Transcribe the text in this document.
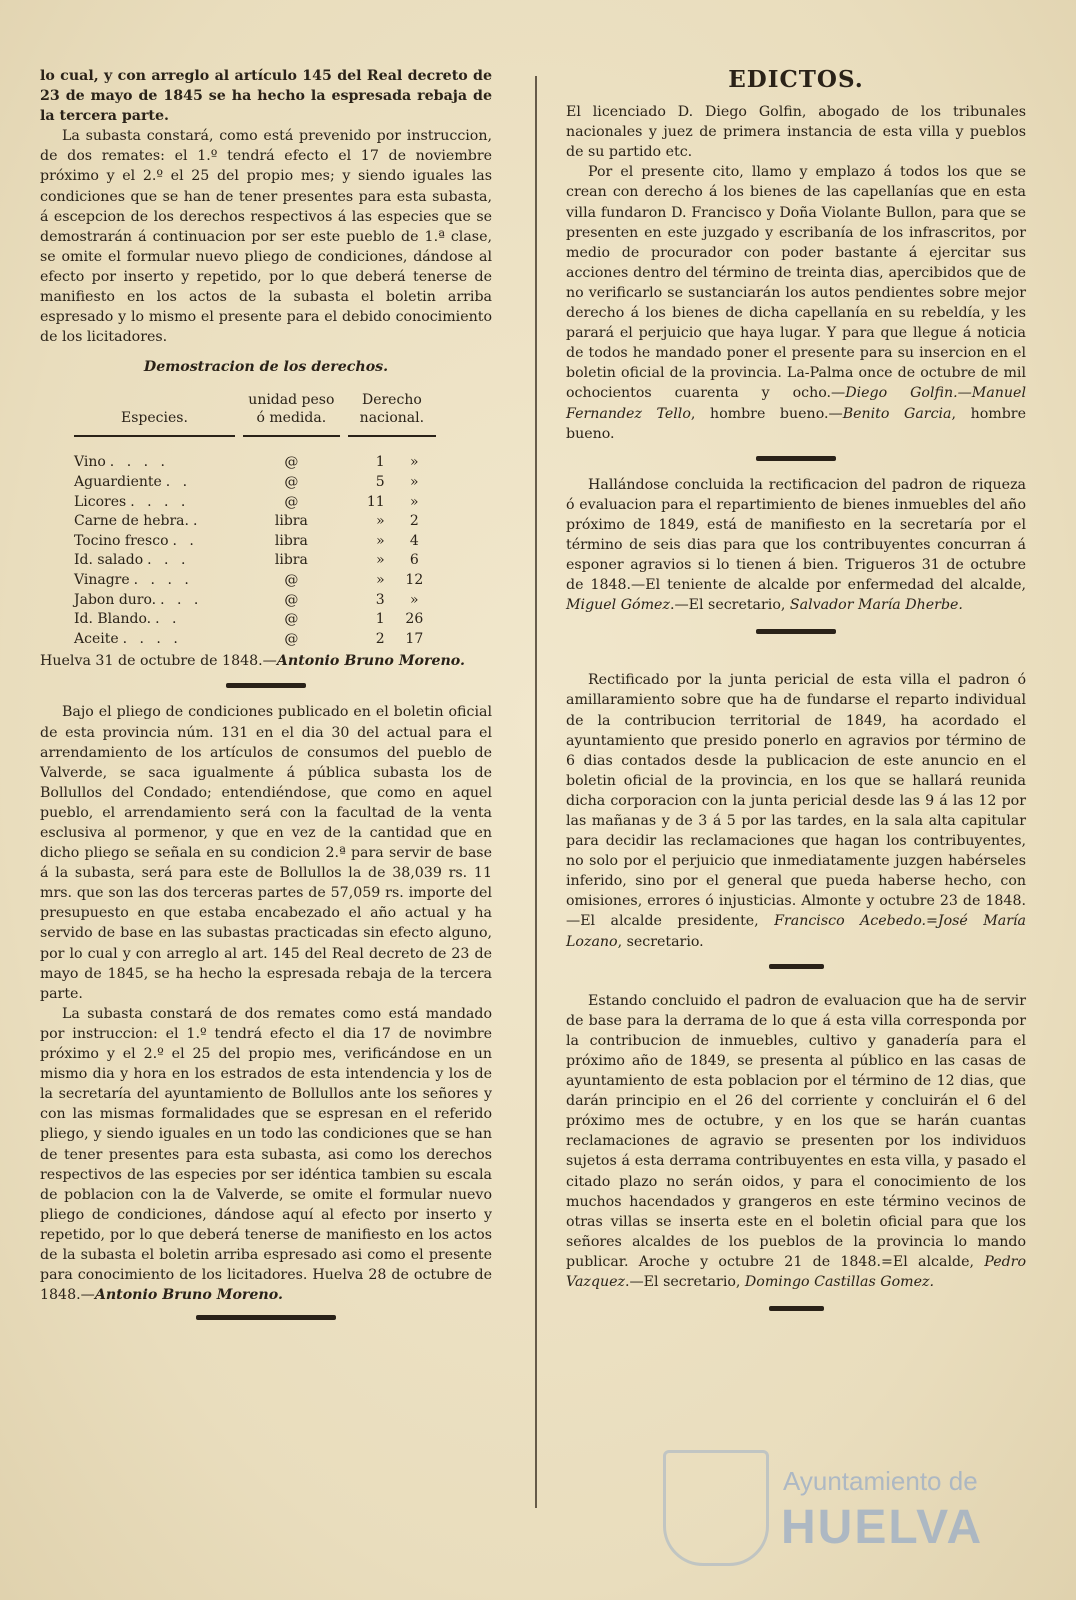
lo cual, y con arreglo al artículo 145 del Real decreto de 23 de mayo de 1845 se ha hecho la espresada rebaja de la tercera parte.

La subasta constará, como está prevenido por instruccion, de dos remates: el 1.º tendrá efecto el 17 de noviembre próximo y el 2.º el 25 del propio mes; y siendo iguales las condiciones que se han de tener presentes para esta subasta, á escepcion de los derechos respectivos á las especies que se demostrarán á continuacion por ser este pueblo de 1.ª clase, se omite el formular nuevo pliego de condiciones, dándose al efecto por inserto y repetido, por lo que deberá tenerse de manifiesto en los actos de la subasta el boletin arriba espresado y lo mismo el presente para el debido conocimiento de los licitadores.

Demostracion de los derechos.
Especies.	unidad peso ó medida.	Derecho nacional.	

Vino . . . .	@	1	»
Aguardiente . .	@	5	»
Licores . . . .	@	11	»
Carne de hebra. .	libra	»	2
Tocino fresco . .	libra	»	4
Id. salado . . .	libra	»	6
Vinagre . . . .	@	»	12
Jabon duro. . . .	@	3	»
Id. Blando. . .	@	1	26
Aceite . . . .	@	2	17

Huelva 31 de octubre de 1848.—Antonio Bruno Moreno.

Bajo el pliego de condiciones publicado en el boletin oficial de esta provincia núm. 131 en el dia 30 del actual para el arrendamiento de los artículos de consumos del pueblo de Valverde, se saca igualmente á pública subasta los de Bollullos del Condado; entendiéndose, que como en aquel pueblo, el arrendamiento será con la facultad de la venta esclusiva al pormenor, y que en vez de la cantidad que en dicho pliego se señala en su condicion 2.ª para servir de base á la subasta, será para este de Bollullos la de 38,039 rs. 11 mrs. que son las dos terceras partes de 57,059 rs. importe del presupuesto en que estaba encabezado el año actual y ha servido de base en las subastas practicadas sin efecto alguno, por lo cual y con arreglo al art. 145 del Real decreto de 23 de mayo de 1845, se ha hecho la espresada rebaja de la tercera parte.

La subasta constará de dos remates como está mandado por instruccion: el 1.º tendrá efecto el dia 17 de novimbre próximo y el 2.º el 25 del propio mes, verificándose en un mismo dia y hora en los estrados de esta intendencia y los de la secretaría del ayuntamiento de Bollullos ante los señores y con las mismas formalidades que se espresan en el referido pliego, y siendo iguales en un todo las condiciones que se han de tener presentes para esta subasta, asi como los derechos respectivos de las especies por ser idéntica tambien su escala de poblacion con la de Valverde, se omite el formular nuevo pliego de condiciones, dándose aquí al efecto por inserto y repetido, por lo que deberá tenerse de manifiesto en los actos de la subasta el boletin arriba espresado asi como el presente para conocimiento de los licitadores. Huelva 28 de octubre de 1848.—Antonio Bruno Moreno.

EDICTOS.

El licenciado D. Diego Golfin, abogado de los tribunales nacionales y juez de primera instancia de esta villa y pueblos de su partido etc.

Por el presente cito, llamo y emplazo á todos los que se crean con derecho á los bienes de las capellanías que en esta villa fundaron D. Francisco y Doña Violante Bullon, para que se presenten en este juzgado y escribanía de los infrascritos, por medio de procurador con poder bastante á ejercitar sus acciones dentro del término de treinta dias, apercibidos que de no verificarlo se sustanciarán los autos pendientes sobre mejor derecho á los bienes de dicha capellanía en su rebeldía, y les parará el perjuicio que haya lugar. Y para que llegue á noticia de todos he mandado poner el presente para su insercion en el boletin oficial de la provincia. La-Palma once de octubre de mil ochocientos cuarenta y ocho.—Diego Golfin.—Manuel Fernandez Tello, hombre bueno.—Benito Garcia, hombre bueno.

Hallándose concluida la rectificacion del padron de riqueza ó evaluacion para el repartimiento de bienes inmuebles del año próximo de 1849, está de manifiesto en la secretaría por el término de seis dias para que los contribuyentes concurran á esponer agravios si lo tienen á bien. Trigueros 31 de octubre de 1848.—El teniente de alcalde por enfermedad del alcalde, Miguel Gómez.—El secretario, Salvador María Dherbe.

Rectificado por la junta pericial de esta villa el padron ó amillaramiento sobre que ha de fundarse el reparto individual de la contribucion territorial de 1849, ha acordado el ayuntamiento que presido ponerlo en agravios por término de 6 dias contados desde la publicacion de este anuncio en el boletin oficial de la provincia, en los que se hallará reunida dicha corporacion con la junta pericial desde las 9 á las 12 por las mañanas y de 3 á 5 por las tardes, en la sala alta capitular para decidir las reclamaciones que hagan los contribuyentes, no solo por el perjuicio que inmediatamente juzgen habérseles inferido, sino por el general que pueda haberse hecho, con omisiones, errores ó injusticias. Almonte y octubre 23 de 1848.—El alcalde presidente, Francisco Acebedo.=José María Lozano, secretario.

Estando concluido el padron de evaluacion que ha de servir de base para la derrama de lo que á esta villa corresponda por la contribucion de inmuebles, cultivo y ganadería para el próximo año de 1849, se presenta al público en las casas de ayuntamiento de esta poblacion por el término de 12 dias, que darán principio en el 26 del corriente y concluirán el 6 del próximo mes de octubre, y en los que se harán cuantas reclamaciones de agravio se presenten por los individuos sujetos á esta derrama contribuyentes en esta villa, y pasado el citado plazo no serán oidos, y para el conocimiento de los muchos hacendados y grangeros en este término vecinos de otras villas se inserta este en el boletin oficial para que los señores alcaldes de los pueblos de la provincia lo mando publicar. Aroche y octubre 21 de 1848.=El alcalde, Pedro Vazquez.—El secretario, Domingo Castillas Gomez.

Ayuntamiento de
HUELVA
